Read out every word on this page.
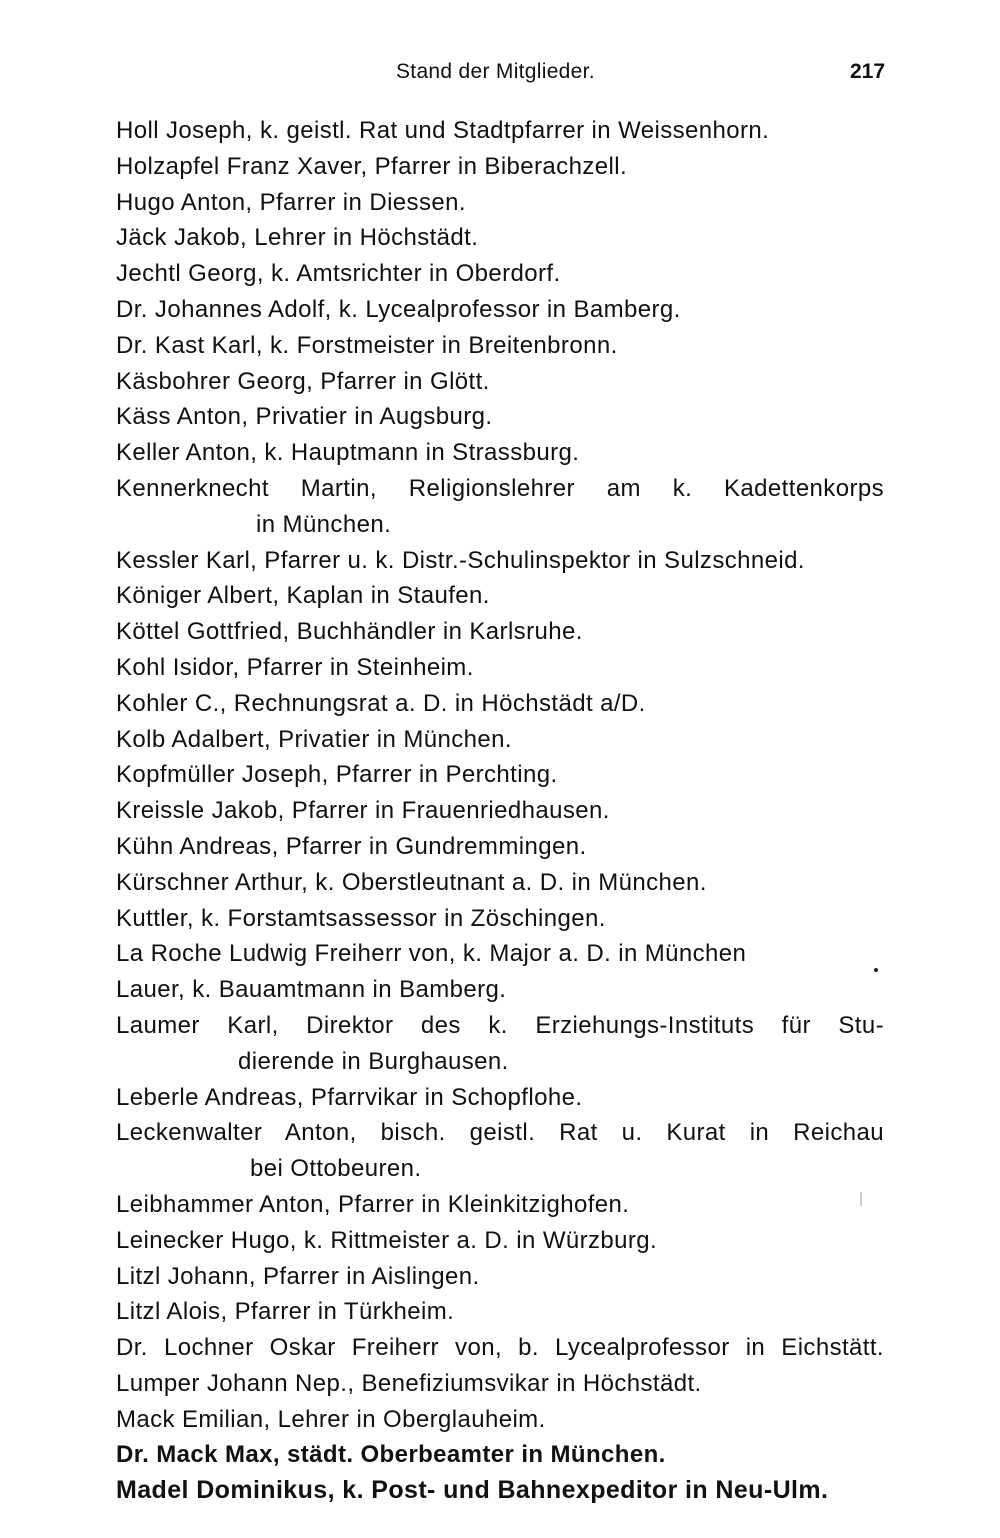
Stand der Mitglieder.	217
Holl Joseph, k. geistl. Rat und Stadtpfarrer in Weissenhorn.
Holzapfel Franz Xaver, Pfarrer in Biberachzell.
Hugo Anton, Pfarrer in Diessen.
Jäck Jakob, Lehrer in Höchstädt.
Jechtl Georg, k. Amtsrichter in Oberdorf.
Dr. Johannes Adolf, k. Lycealprofessor in Bamberg.
Dr. Kast Karl, k. Forstmeister in Breitenbronn.
Käsbohrer Georg, Pfarrer in Glött.
Käss Anton, Privatier in Augsburg.
Keller Anton, k. Hauptmann in Strassburg.
Kennerknecht Martin, Religionslehrer am k. Kadettenkorps
in München.
Kessler Karl, Pfarrer u. k. Distr.-Schulinspektor in Sulzschneid.
Königer Albert, Kaplan in Staufen.
Köttel Gottfried, Buchhändler in Karlsruhe.
Kohl Isidor, Pfarrer in Steinheim.
Kohler C., Rechnungsrat a. D. in Höchstädt a/D.
Kolb Adalbert, Privatier in München.
Kopfmüller Joseph, Pfarrer in Perchting.
Kreissle Jakob, Pfarrer in Frauenriedhausen.
Kühn Andreas, Pfarrer in Gundremmingen.
Kürschner Arthur, k. Oberstleutnant a. D. in München.
Kuttler, k. Forstamtsassessor in Zöschingen.
La Roche Ludwig Freiherr von, k. Major a. D. in München
Lauer, k. Bauamtmann in Bamberg.
Laumer Karl, Direktor des k. Erziehungs-Instituts für Stu-
dierende in Burghausen.
Leberle Andreas, Pfarrvikar in Schopflohe.
Leckenwalter Anton, bisch. geistl. Rat u. Kurat in Reichau
bei Ottobeuren.
Leibhammer Anton, Pfarrer in Kleinkitzighofen.
Leinecker Hugo, k. Rittmeister a. D. in Würzburg.
Litzl Johann, Pfarrer in Aislingen.
Litzl Alois, Pfarrer in Türkheim.
Dr. Lochner Oskar Freiherr von, b. Lycealprofessor in Eichstätt.
Lumper Johann Nep., Benefiziumsvikar in Höchstädt.
Mack Emilian, Lehrer in Oberglauheim.
Dr. Mack Max, städt. Oberbeamter in München.
Madel Dominikus, k. Post- und Bahnexpeditor in Neu-Ulm.
